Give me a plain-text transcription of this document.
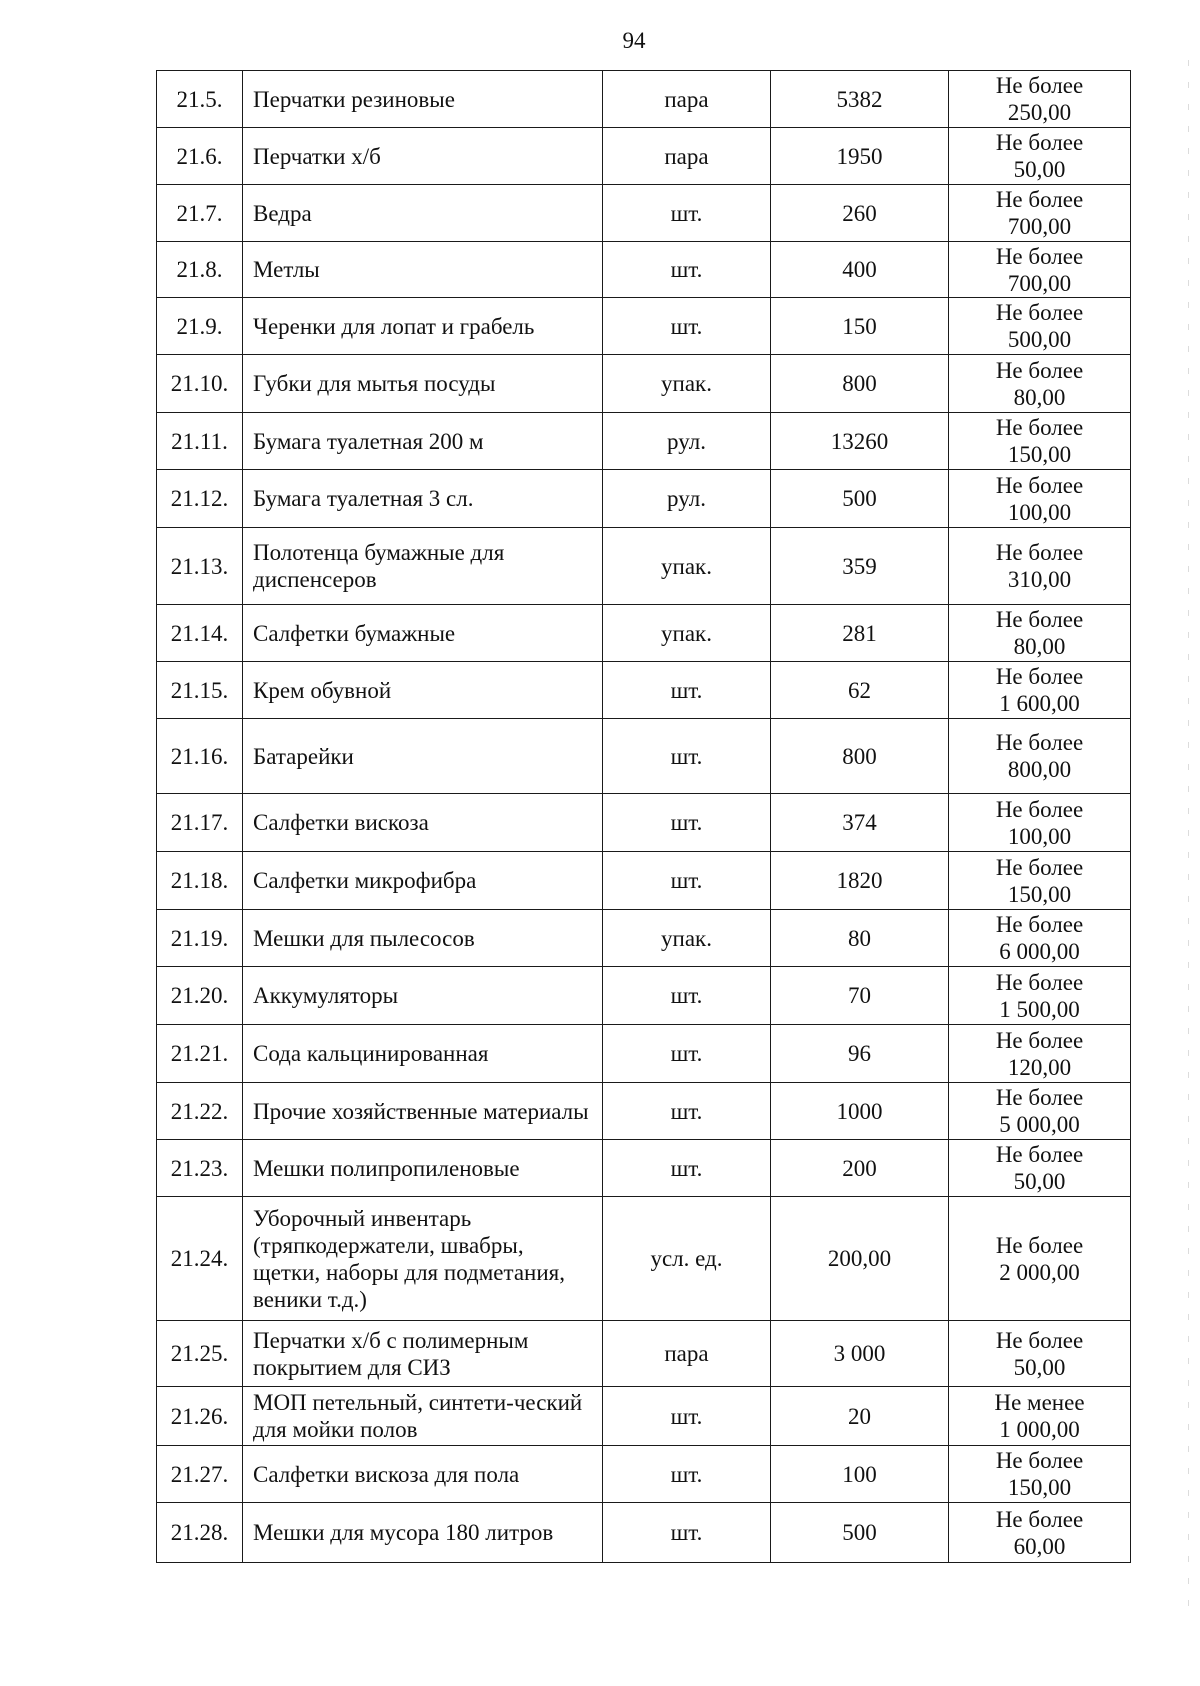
94
21.5.	Перчатки резиновые	пара	5382	Не более
250,00

21.6.	Перчатки х/б	пара	1950	Не более
50,00

21.7.	Ведра	шт.	260	Не более
700,00

21.8.	Метлы	шт.	400	Не более
700,00

21.9.	Черенки для лопат и грабель	шт.	150	Не более
500,00

21.10.	Губки для мытья посуды	упак.	800	Не более
80,00

21.11.	Бумага туалетная 200 м	рул.	13260	Не более
150,00

21.12.	Бумага туалетная 3 сл.	рул.	500	Не более
100,00

21.13.	Полотенца бумажные для диспенсеров	упак.	359	Не более
310,00

21.14.	Салфетки бумажные	упак.	281	Не более
80,00

21.15.	Крем обувной	шт.	62	Не более
1 600,00

21.16.	Батарейки	шт.	800	Не более
800,00

21.17.	Салфетки вискоза	шт.	374	Не более
100,00

21.18.	Салфетки микрофибра	шт.	1820	Не более
150,00

21.19.	Мешки для пылесосов	упак.	80	Не более
6 000,00

21.20.	Аккумуляторы	шт.	70	Не более
1 500,00

21.21.	Сода кальцинированная	шт.	96	Не более
120,00

21.22.	Прочие хозяйственные материалы	шт.	1000	Не более
5 000,00

21.23.	Мешки полипропиленовые	шт.	200	Не более
50,00

21.24.	Уборочный инвентарь (тряпкодержатели, швабры, щетки, наборы для подметания, веники т.д.)	усл. ед.	200,00	Не более
2 000,00

21.25.	Перчатки х/б с полимерным покрытием для СИЗ	пара	3 000	Не более
50,00

21.26.	МОП петельный, синтети-ческий для мойки полов	шт.	20	Не менее
1 000,00

21.27.	Салфетки вискоза для пола	шт.	100	Не более
150,00

21.28.	Мешки для мусора 180 литров	шт.	500	Не более
60,00
